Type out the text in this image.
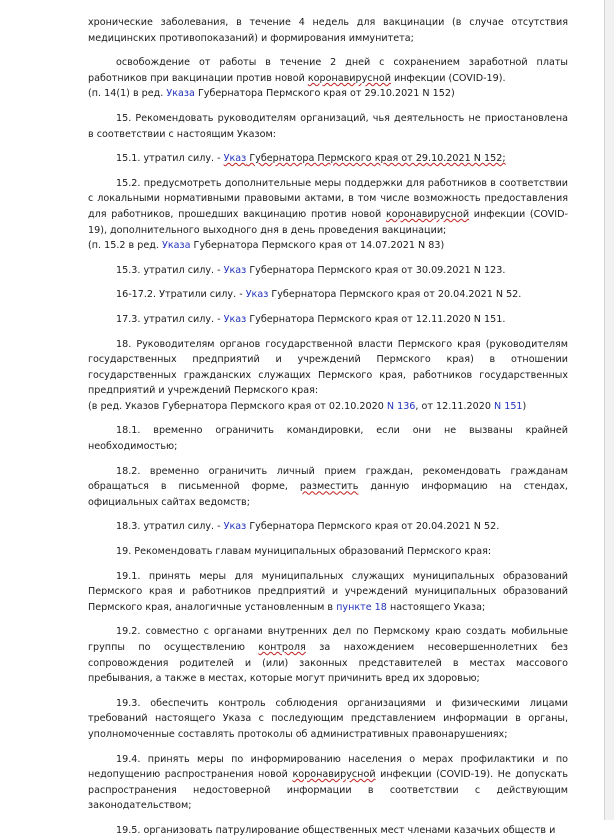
хронические заболевания, в течение 4 недель для вакцинации (в случае отсутствия медицинских противопоказаний) и формирования иммунитета;

освобождение от работы в течение 2 дней с сохранением заработной платы работников при вакцинации против новой коронавирусной инфекции (COVID-19).

(п. 14(1) в ред. Указа Губернатора Пермского края от 29.10.2021 N 152)

15. Рекомендовать руководителям организаций, чья деятельность не приостановлена в соответствии с настоящим Указом:

15.1. утратил силу. - Указ Губернатора Пермского края от 29.10.2021 N 152;

15.2. предусмотреть дополнительные меры поддержки для работников в соответствии с локальными нормативными правовыми актами, в том числе возможность предоставления для работников, прошедших вакцинацию против новой коронавирусной инфекции (COVID-19), дополнительного выходного дня в день проведения вакцинации;

(п. 15.2 в ред. Указа Губернатора Пермского края от 14.07.2021 N 83)

15.3. утратил силу. - Указ Губернатора Пермского края от 30.09.2021 N 123.

16-17.2. Утратили силу. - Указ Губернатора Пермского края от 20.04.2021 N 52.

17.3. утратил силу. - Указ Губернатора Пермского края от 12.11.2020 N 151.

18. Руководителям органов государственной власти Пермского края (руководителям государственных предприятий и учреждений Пермского края) в отношении государственных гражданских служащих Пермского края, работников государственных предприятий и учреждений Пермского края:

(в ред. Указов Губернатора Пермского края от 02.10.2020 N 136, от 12.11.2020 N 151)

18.1. временно ограничить командировки, если они не вызваны крайней необходимостью;

18.2. временно ограничить личный прием граждан, рекомендовать гражданам обращаться в письменной форме, разместить данную информацию на стендах, официальных сайтах ведомств;

18.3. утратил силу. - Указ Губернатора Пермского края от 20.04.2021 N 52.

19. Рекомендовать главам муниципальных образований Пермского края:

19.1. принять меры для муниципальных служащих муниципальных образований Пермского края и работников предприятий и учреждений муниципальных образований Пермского края, аналогичные установленным в пункте 18 настоящего Указа;

19.2. совместно с органами внутренних дел по Пермскому краю создать мобильные группы по осуществлению контроля за нахождением несовершеннолетних без сопровождения родителей и (или) законных представителей в местах массового пребывания, а также в местах, которые могут причинить вред их здоровью;

19.3. обеспечить контроль соблюдения организациями и физическими лицами требований настоящего Указа с последующим представлением информации в органы, уполномоченные составлять протоколы об административных правонарушениях;

19.4. принять меры по информированию населения о мерах профилактики и по недопущению распространения новой коронавирусной инфекции (COVID-19). Не допускать распространения недостоверной информации в соответствии с действующим законодательством;

19.5. организовать патрулирование общественных мест членами казачьих обществ и
